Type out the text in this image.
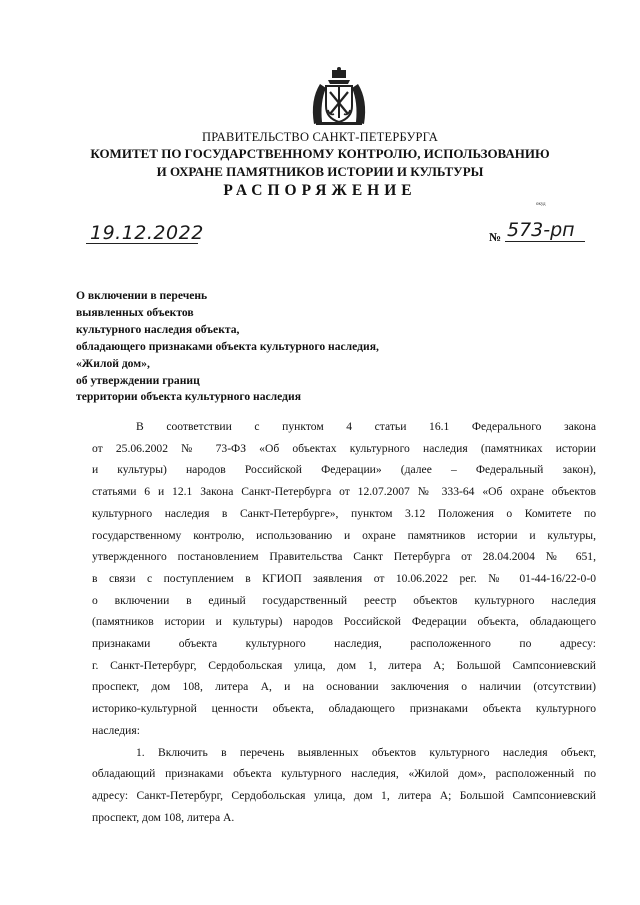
ПРАВИТЕЛЬСТВО САНКТ-ПЕТЕРБУРГА
КОМИТЕТ ПО ГОСУДАРСТВЕННОМУ КОНТРОЛЮ, ИСПОЛЬЗОВАНИЮ
И ОХРАНЕ ПАМЯТНИКОВ ИСТОРИИ И КУЛЬТУРЫ
РАСПОРЯЖЕНИЕ
окуд
19.12.2022	№ 573-рп
О включении в перечень
выявленных объектов
культурного наследия объекта,
обладающего признаками объекта культурного наследия,
«Жилой дом»,
об утверждении границ
территории объекта культурного наследия

В соответствии с пунктом 4 статьи 16.1 Федерального закона

от 25.06.2002 № 73-ФЗ «Об объектах культурного наследия (памятниках истории

и культуры) народов Российской Федерации» (далее – Федеральный закон),

статьями 6 и 12.1 Закона Санкт-Петербурга от 12.07.2007 № 333-64 «Об охране объектов

культурного наследия в Санкт-Петербурге», пунктом 3.12 Положения о Комитете по

государственному контролю, использованию и охране памятников истории и культуры,

утвержденного постановлением Правительства Санкт Петербурга от 28.04.2004 № 651,

в связи с поступлением в КГИОП заявления от 10.06.2022 рег. № 01-44-16/22-0-0

о включении в единый государственный реестр объектов культурного наследия

(памятников истории и культуры) народов Российской Федерации объекта, обладающего

признаками объекта культурного наследия, расположенного по адресу:

г. Санкт-Петербург, Сердобольская улица, дом 1, литера А; Большой Сампсониевский

проспект, дом 108, литера А, и на основании заключения о наличии (отсутствии)

историко-культурной ценности объекта, обладающего признаками объекта культурного

наследия:

1. Включить в перечень выявленных объектов культурного наследия объект,

обладающий признаками объекта культурного наследия, «Жилой дом», расположенный по

адресу: Санкт-Петербург, Сердобольская улица, дом 1, литера А; Большой Сампсониевский

проспект, дом 108, литера А.
